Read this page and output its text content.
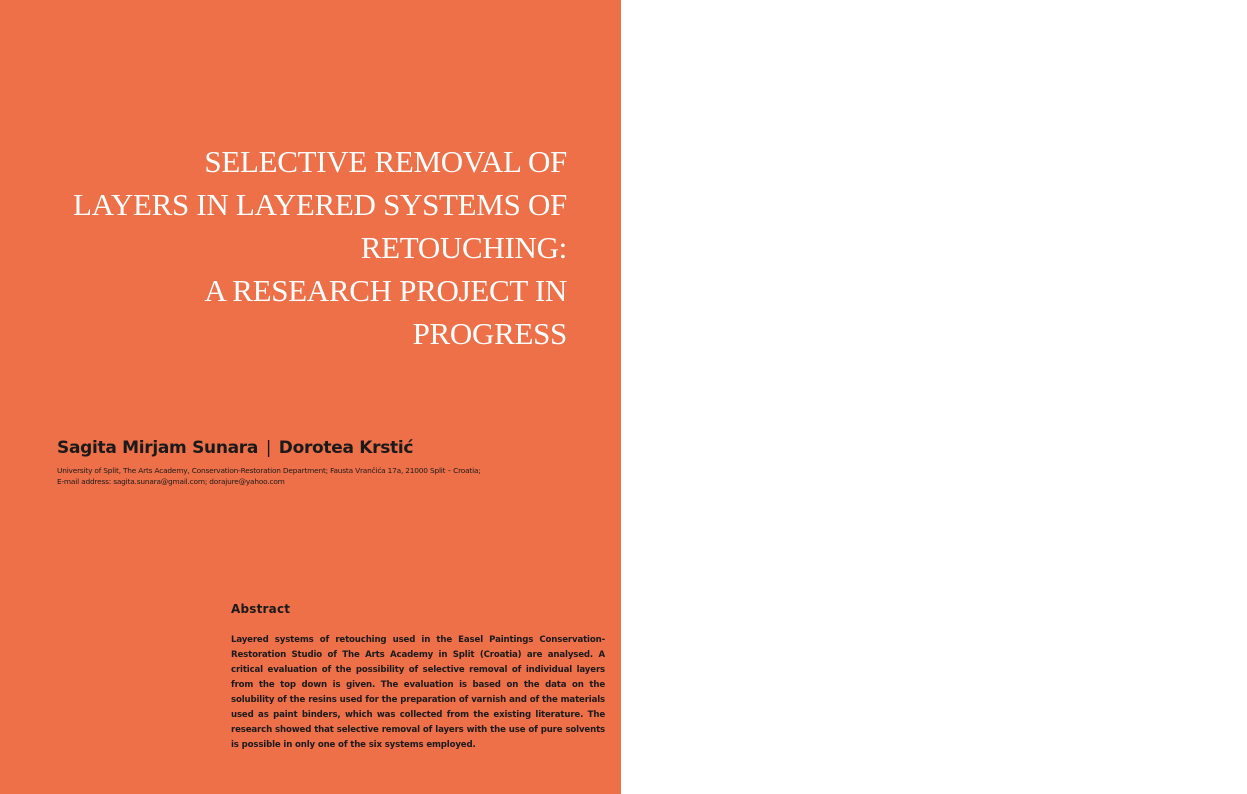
SELECTIVE REMOVAL OF
LAYERS IN LAYERED SYSTEMS OF
RETOUCHING:
A RESEARCH PROJECT IN
PROGRESS
Sagita Mirjam Sunara | Dorotea Krstić
University of Split, The Arts Academy, Conservation-Restoration Department; Fausta Vrančića 17a, 21000 Split – Croatia;
E-mail address: sagita.sunara@gmail.com; dorajure@yahoo.com
Abstract

Layered systems of retouching used in the Easel Paintings Conservation-Restoration Studio of The Arts Academy in Split (Croatia) are analysed. A critical evaluation of the possibility of selective removal of individual layers from the top down is given. The evaluation is based on the data on the solubility of the resins used for the preparation of varnish and of the materials used as paint binders, which was collected from the existing literature. The research showed that selective removal of layers with the use of pure solvents is possible in only one of the six systems employed.
